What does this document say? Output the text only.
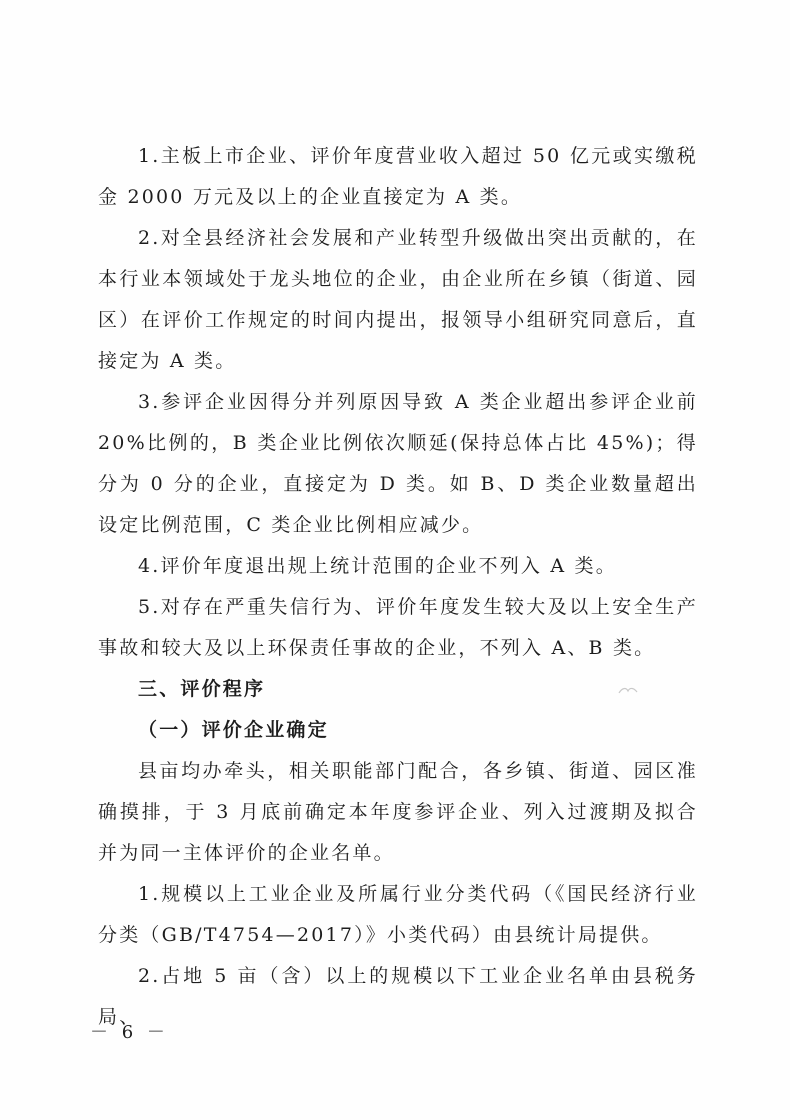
1.主板上市企业、评价年度营业收入超过 50 亿元或实缴税金 2000 万元及以上的企业直接定为 A 类。

2.对全县经济社会发展和产业转型升级做出突出贡献的，在本行业本领域处于龙头地位的企业，由企业所在乡镇（街道、园区）在评价工作规定的时间内提出，报领导小组研究同意后，直接定为 A 类。

3.参评企业因得分并列原因导致 A 类企业超出参评企业前 20%比例的，B 类企业比例依次顺延(保持总体占比 45%)；得分为 0 分的企业，直接定为 D 类。如 B、D 类企业数量超出设定比例范围，C 类企业比例相应减少。

4.评价年度退出规上统计范围的企业不列入 A 类。

5.对存在严重失信行为、评价年度发生较大及以上安全生产事故和较大及以上环保责任事故的企业，不列入 A、B 类。

三、评价程序

（一）评价企业确定

县亩均办牵头，相关职能部门配合，各乡镇、街道、园区准确摸排，于 3 月底前确定本年度参评企业、列入过渡期及拟合并为同一主体评价的企业名单。

1.规模以上工业企业及所属行业分类代码（《国民经济行业分类（GB/T4754—2017）》小类代码）由县统计局提供。

2.占地 5 亩（含）以上的规模以下工业企业名单由县税务局、

－ 6 －
